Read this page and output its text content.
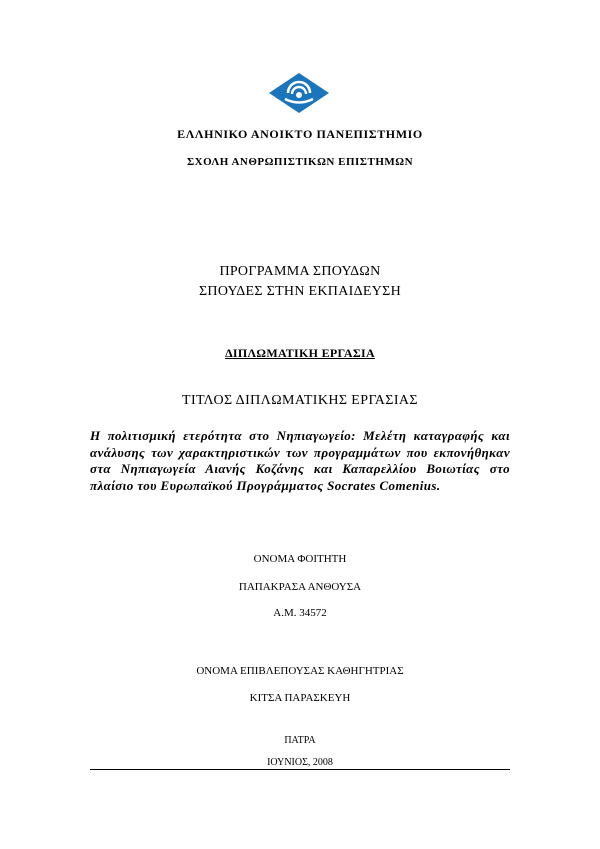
ΕΛΛΗΝΙΚΟ ΑΝΟΙΚΤΟ ΠΑΝΕΠΙΣΤΗΜΙΟ
ΣΧΟΛΗ ΑΝΘΡΩΠΙΣΤΙΚΩΝ ΕΠΙΣΤΗΜΩΝ
ΠΡΟΓΡΑΜΜΑ ΣΠΟΥΔΩΝ
ΣΠΟΥΔΕΣ ΣΤΗΝ ΕΚΠΑΙΔΕΥΣΗ
ΔΙΠΛΩΜΑΤΙΚΗ ΕΡΓΑΣΙΑ
ΤΙΤΛΟΣ ΔΙΠΛΩΜΑΤΙΚΗΣ ΕΡΓΑΣΙΑΣ
Η πολιτισμική ετερότητα στο Νηπιαγωγείο: Μελέτη καταγραφής και ανάλυσης των χαρακτηριστικών των προγραμμάτων που εκπονήθηκαν στα Νηπιαγωγεία Αιανής Κοζάνης και Καπαρελλίου Βοιωτίας στο πλαίσιο του Ευρωπαϊκού Προγράμματος Socrates Comenius.
ΟΝΟΜΑ ΦΟΙΤΗΤΗ
ΠΑΠΑΚΡΑΣΑ ΑΝΘΟΥΣΑ
Α.Μ. 34572
ΟΝΟΜΑ ΕΠΙΒΛΕΠΟΥΣΑΣ ΚΑΘΗΓΗΤΡΙΑΣ
ΚΙΤΣΑ ΠΑΡΑΣΚΕΥΗ
ΠΑΤΡΑ
ΙΟΥΝΙΟΣ, 2008
